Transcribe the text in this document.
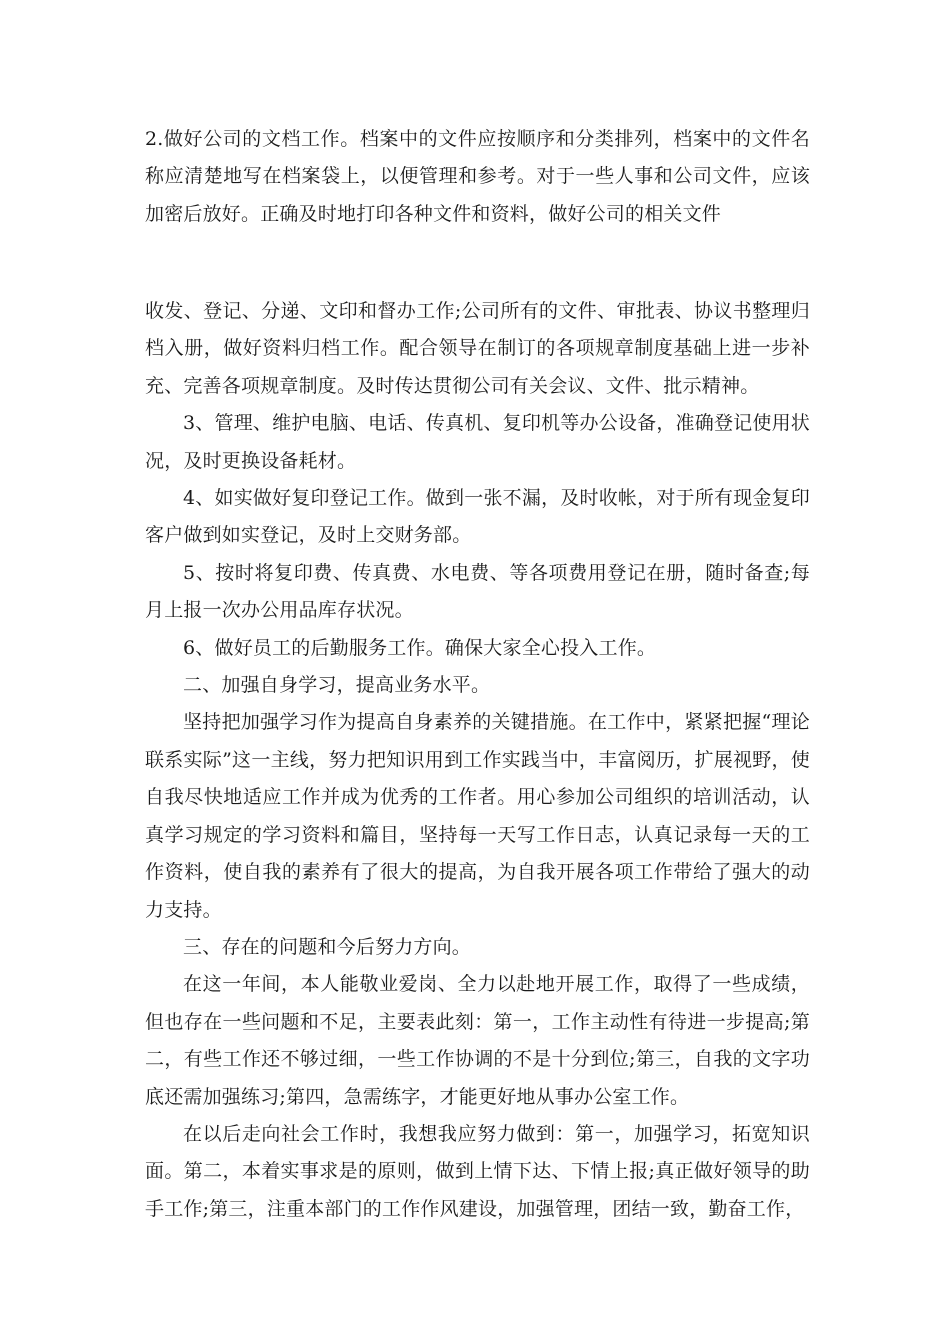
2.做好公司的文档工作。档案中的文件应按顺序和分类排列，档案中的文件名称应清楚地写在档案袋上，以便管理和参考。对于一些人事和公司文件，应该加密后放好。正确及时地打印各种文件和资料，做好公司的相关文件

收发、登记、分递、文印和督办工作;公司所有的文件、审批表、协议书整理归档入册，做好资料归档工作。配合领导在制订的各项规章制度基础上进一步补充、完善各项规章制度。及时传达贯彻公司有关会议、文件、批示精神。

3、管理、维护电脑、电话、传真机、复印机等办公设备，准确登记使用状况，及时更换设备耗材。

4、如实做好复印登记工作。做到一张不漏，及时收帐，对于所有现金复印客户做到如实登记，及时上交财务部。

5、按时将复印费、传真费、水电费、等各项费用登记在册，随时备查;每月上报一次办公用品库存状况。

6、做好员工的后勤服务工作。确保大家全心投入工作。

二、加强自身学习，提高业务水平。

坚持把加强学习作为提高自身素养的关键措施。在工作中，紧紧把握“理论联系实际”这一主线，努力把知识用到工作实践当中，丰富阅历，扩展视野，使自我尽快地适应工作并成为优秀的工作者。用心参加公司组织的培训活动，认真学习规定的学习资料和篇目，坚持每一天写工作日志，认真记录每一天的工作资料，使自我的素养有了很大的提高，为自我开展各项工作带给了强大的动力支持。

三、存在的问题和今后努力方向。

在这一年间，本人能敬业爱岗、全力以赴地开展工作，取得了一些成绩，但也存在一些问题和不足，主要表此刻：第一，工作主动性有待进一步提高;第二，有些工作还不够过细，一些工作协调的不是十分到位;第三，自我的文字功底还需加强练习;第四，急需练字，才能更好地从事办公室工作。

在以后走向社会工作时，我想我应努力做到：第一，加强学习，拓宽知识面。第二，本着实事求是的原则，做到上情下达、下情上报;真正做好领导的助手工作;第三，注重本部门的工作作风建设，加强管理，团结一致，勤奋工作，
